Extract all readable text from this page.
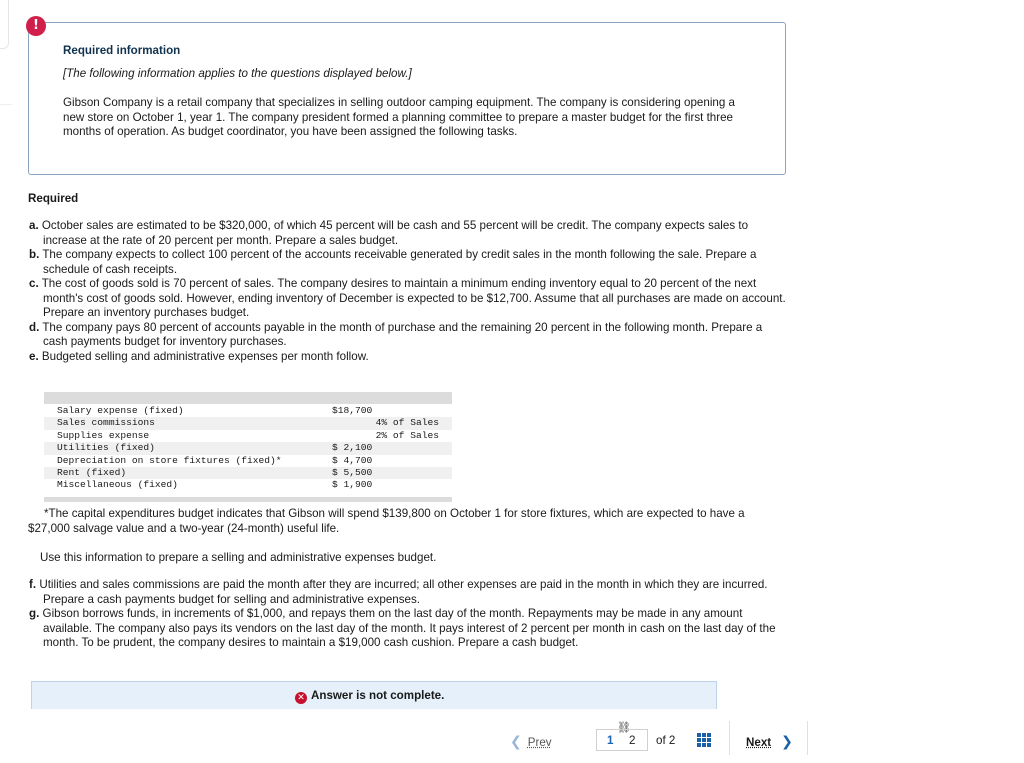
!
Required information
[The following information applies to the questions displayed below.]
Gibson Company is a retail company that specializes in selling outdoor camping equipment. The company is considering opening a new store on October 1, year 1. The company president formed a planning committee to prepare a master budget for the first three months of operation. As budget coordinator, you have been assigned the following tasks.
Required
a. October sales are estimated to be $320,000, of which 45 percent will be cash and 55 percent will be credit. The company expects sales to increase at the rate of 20 percent per month. Prepare a sales budget.
b. The company expects to collect 100 percent of the accounts receivable generated by credit sales in the month following the sale. Prepare a schedule of cash receipts.
c. The cost of goods sold is 70 percent of sales. The company desires to maintain a minimum ending inventory equal to 20 percent of the next month's cost of goods sold. However, ending inventory of December is expected to be $12,700. Assume that all purchases are made on account. Prepare an inventory purchases budget.
d. The company pays 80 percent of accounts payable in the month of purchase and the remaining 20 percent in the following month. Prepare a cash payments budget for inventory purchases.
e. Budgeted selling and administrative expenses per month follow.
Salary expense (fixed)	$18,700
Sales commissions	4% of Sales
Supplies expense	2% of Sales
Utilities (fixed)	$ 2,100
Depreciation on store fixtures (fixed)*	$ 4,700
Rent (fixed)	$ 5,500
Miscellaneous (fixed)	$ 1,900
*The capital expenditures budget indicates that Gibson will spend $139,800 on October 1 for store fixtures, which are expected to have a $27,000 salvage value and a two-year (24-month) useful life.
Use this information to prepare a selling and administrative expenses budget.
f. Utilities and sales commissions are paid the month after they are incurred; all other expenses are paid in the month in which they are incurred. Prepare a cash payments budget for selling and administrative expenses.
g. Gibson borrows funds, in increments of $1,000, and repays them on the last day of the month. Repayments may be made in any amount available. The company also pays its vendors on the last day of the month. It pays interest of 2 percent per month in cash on the last day of the month. To be prudent, the company desires to maintain a $19,000 cash cushion. Prepare a cash budget.
✕ Answer is not complete.
❮ Prev
⛓
1 2 of 2	Next ❯
